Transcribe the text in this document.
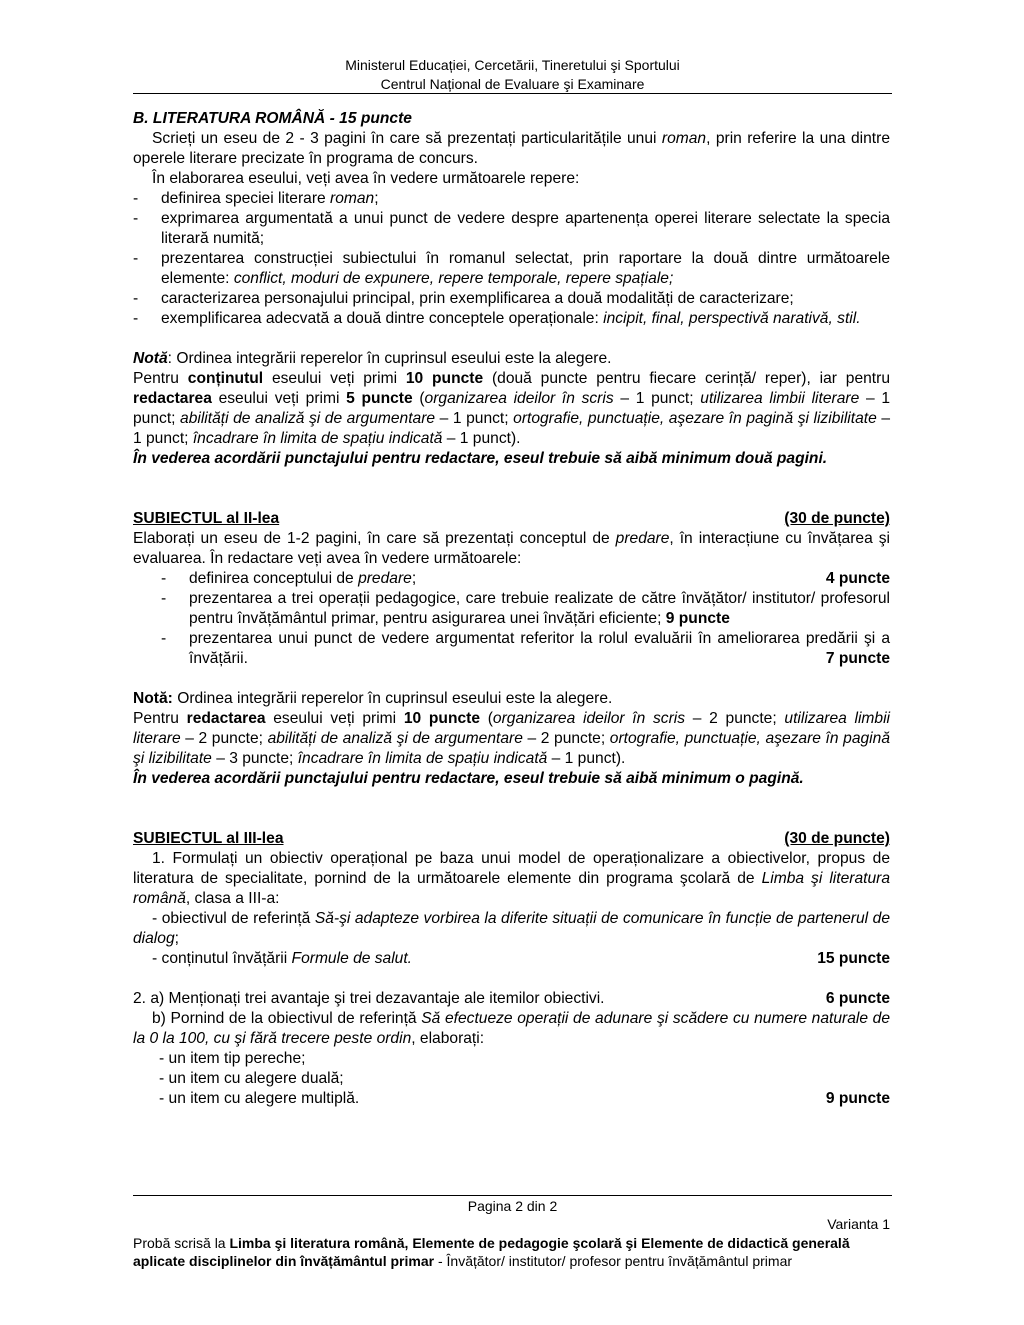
Ministerul Educației, Cercetării, Tineretului şi Sportului
Centrul Național de Evaluare şi Examinare
B. LITERATURA ROMÂNĂ - 15 puncte
Scrieți un eseu de 2 - 3 pagini în care să prezentați particularitățile unui roman, prin referire la una dintre operele literare precizate în programa de concurs.
În elaborarea eseului, veți avea în vedere următoarele repere:
- definirea speciei literare roman;
- exprimarea argumentată a unui punct de vedere despre apartenența operei literare selectate la specia literară numită;
- prezentarea construcției subiectului în romanul selectat, prin raportare la două dintre următoarele elemente: conflict, moduri de expunere, repere temporale, repere spațiale;
- caracterizarea personajului principal, prin exemplificarea a două modalități de caracterizare;
- exemplificarea adecvată a două dintre conceptele operaționale: incipit, final, perspectivă narativă, stil.
Notă: Ordinea integrării reperelor în cuprinsul eseului este la alegere.
Pentru conținutul eseului veți primi 10 puncte (două puncte pentru fiecare cerință/ reper), iar pentru redactarea eseului veți primi 5 puncte (organizarea ideilor în scris – 1 punct; utilizarea limbii literare – 1 punct; abilități de analiză şi de argumentare – 1 punct; ortografie, punctuație, aşezare în pagină şi lizibilitate – 1 punct; încadrare în limita de spațiu indicată – 1 punct).
În vederea acordării punctajului pentru redactare, eseul trebuie să aibă minimum două pagini.
SUBIECTUL al II-lea	(30 de puncte)
Elaborați un eseu de 1-2 pagini, în care să prezentați conceptul de predare, în interacțiune cu învățarea şi evaluarea. În redactare veți avea în vedere următoarele:
- definirea conceptului de predare;	4 puncte
- prezentarea a trei operații pedagogice, care trebuie realizate de către învățător/ institutor/ profesorul pentru învățământul primar, pentru asigurarea unei învățări eficiente; 9 puncte
- prezentarea unui punct de vedere argumentat referitor la rolul evaluării în ameliorarea predării şi a învățării.	7 puncte
Notă: Ordinea integrării reperelor în cuprinsul eseului este la alegere.
Pentru redactarea eseului veți primi 10 puncte (organizarea ideilor în scris – 2 puncte; utilizarea limbii literare – 2 puncte; abilități de analiză şi de argumentare – 2 puncte; ortografie, punctuație, aşezare în pagină şi lizibilitate – 3 puncte; încadrare în limita de spațiu indicată – 1 punct).
În vederea acordării punctajului pentru redactare, eseul trebuie să aibă minimum o pagină.
SUBIECTUL al III-lea	(30 de puncte)
1. Formulați un obiectiv operațional pe baza unui model de operaționalizare a obiectivelor, propus de literatura de specialitate, pornind de la următoarele elemente din programa şcolară de Limba şi literatura română, clasa a III-a:
- obiectivul de referință Să-şi adapteze vorbirea la diferite situații de comunicare în funcție de partenerul de dialog;
- conținutul învățării Formule de salut.	15 puncte
2. a) Menționați trei avantaje şi trei dezavantaje ale itemilor obiectivi.	6 puncte
b) Pornind de la obiectivul de referință Să efectueze operații de adunare şi scădere cu numere naturale de la 0 la 100, cu şi fără trecere peste ordin, elaborați:
- un item tip pereche;
- un item cu alegere duală;
- un item cu alegere multiplă.	9 puncte
Pagina 2 din 2
Varianta 1
Probă scrisă la Limba şi literatura română, Elemente de pedagogie şcolară şi Elemente de didactică generală aplicate disciplinelor din învățământul primar - Învățător/ institutor/ profesor pentru învățământul primar
